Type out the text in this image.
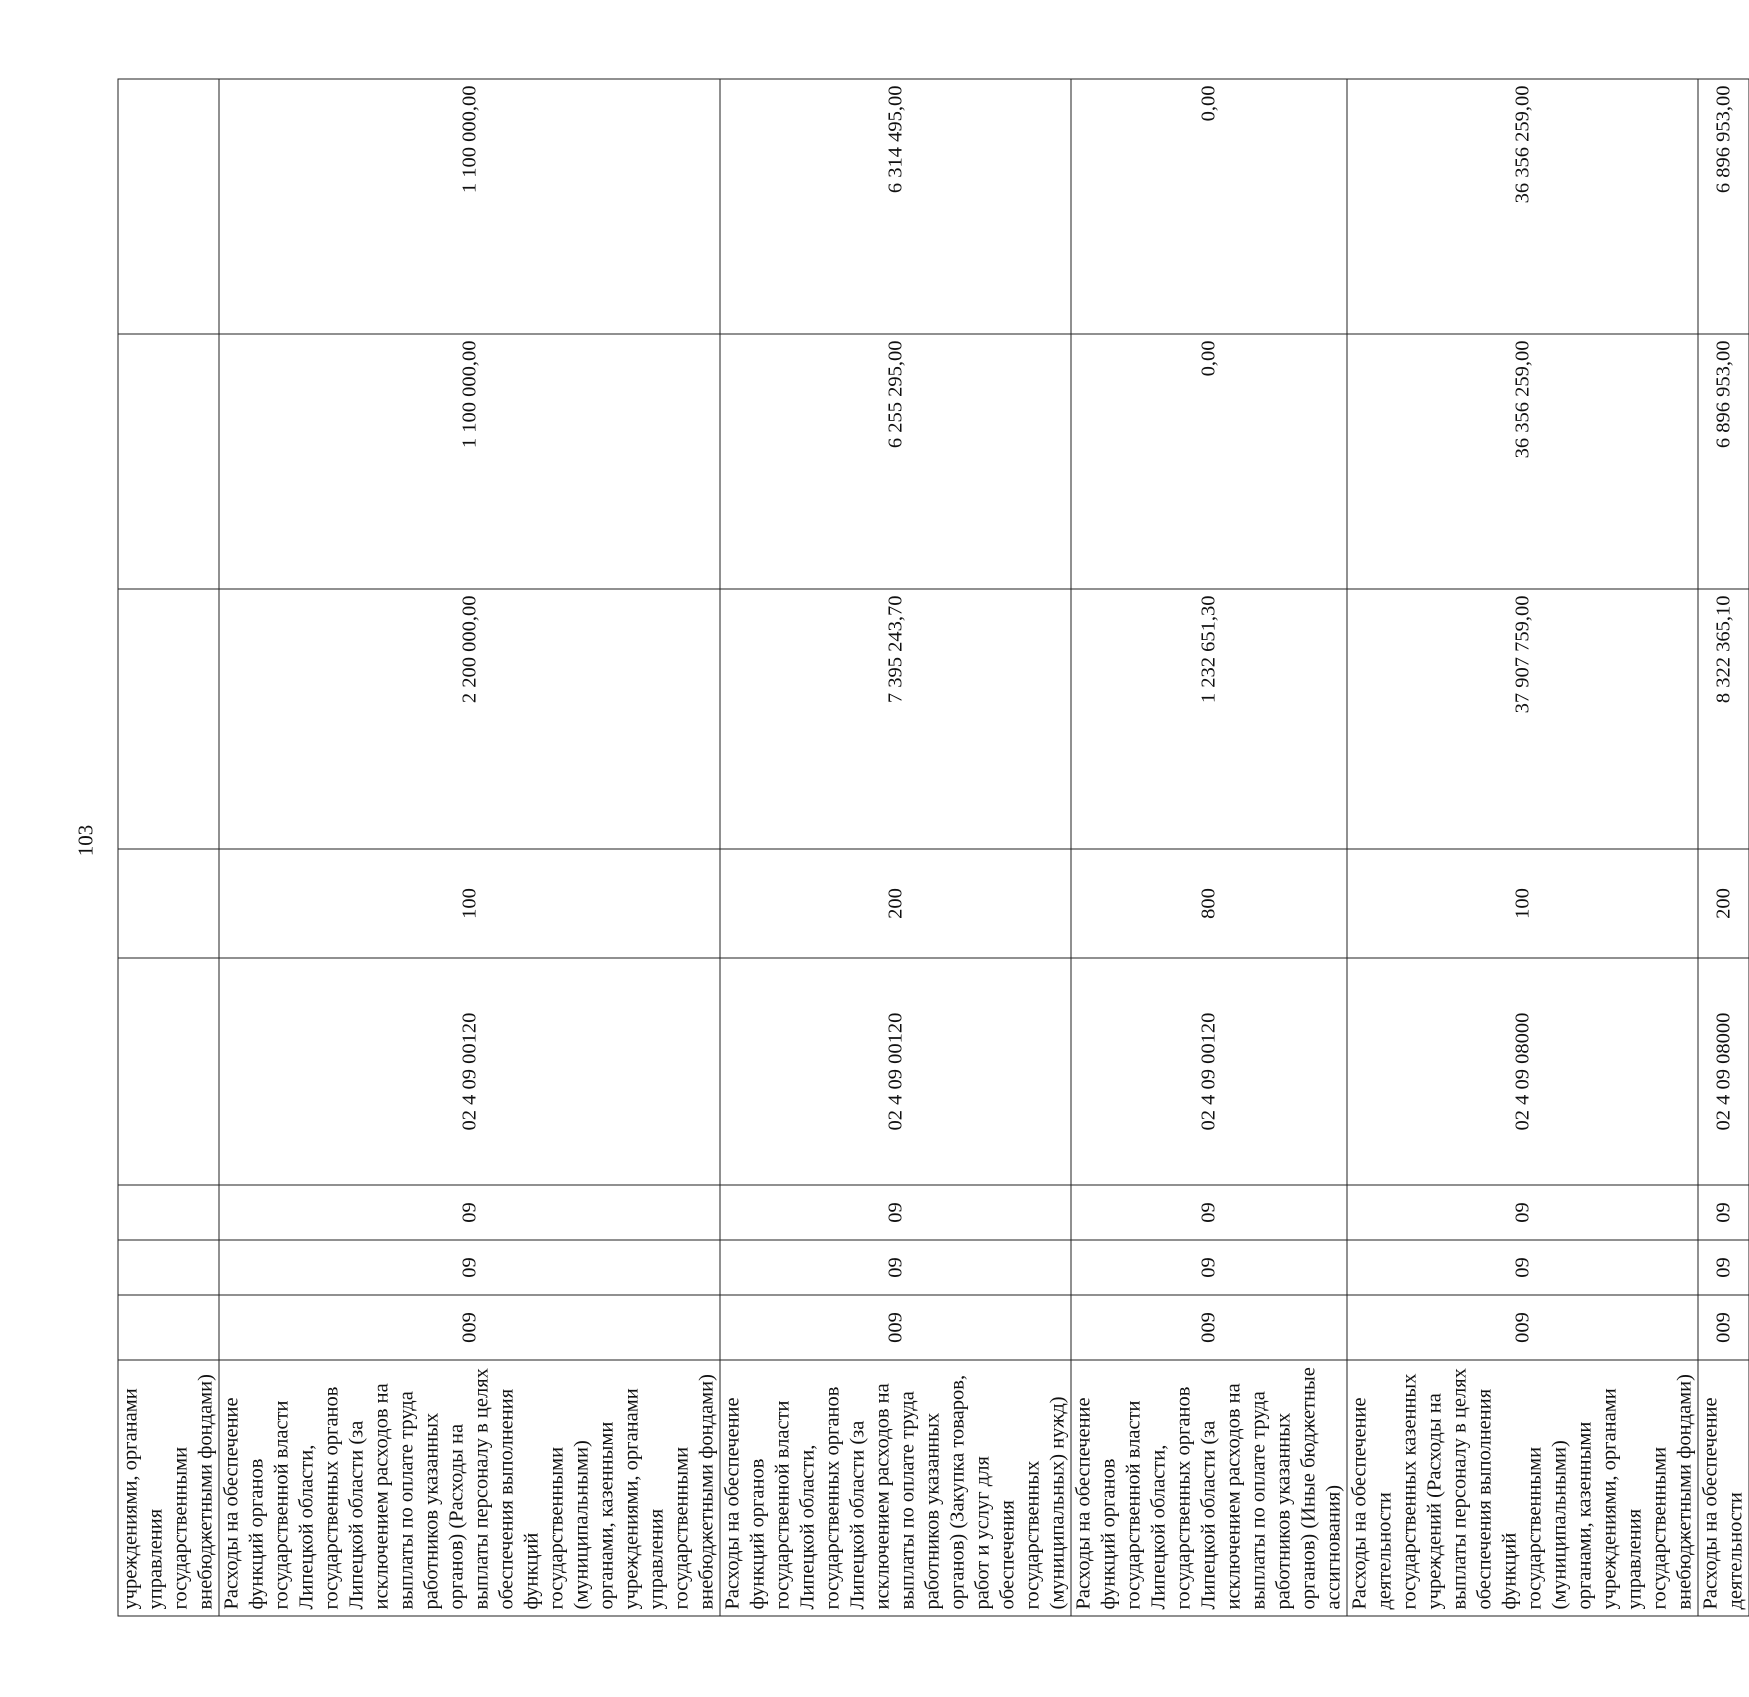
103
учреждениями, органами управления государственными внебюджетными фондами)								
Расходы на обеспечение функций органов государственной власти Липецкой области, государственных органов Липецкой области (за исключением расходов на выплаты по оплате труда работников указанных органов) (Расходы на выплаты персоналу в целях обеспечения выполнения функций государственными (муниципальными) органами, казенными учреждениями, органами управления государственными внебюджетными фондами)	009	09	09	02 4 09 00120	100	2 200 000,00	1 100 000,00	1 100 000,00
Расходы на обеспечение функций органов государственной власти Липецкой области, государственных органов Липецкой области (за исключением расходов на выплаты по оплате труда работников указанных органов) (Закупка товаров, работ и услуг для обеспечения государственных (муниципальных) нужд)	009	09	09	02 4 09 00120	200	7 395 243,70	6 255 295,00	6 314 495,00
Расходы на обеспечение функций органов государственной власти Липецкой области, государственных органов Липецкой области (за исключением расходов на выплаты по оплате труда работников указанных органов) (Иные бюджетные ассигнования)	009	09	09	02 4 09 00120	800	1 232 651,30	0,00	0,00
Расходы на обеспечение деятельности государственных казенных учреждений (Расходы на выплаты персоналу в целях обеспечения выполнения функций государственными (муниципальными) органами, казенными учреждениями, органами управления государственными внебюджетными фондами)	009	09	09	02 4 09 08000	100	37 907 759,00	36 356 259,00	36 356 259,00
Расходы на обеспечение деятельности	009	09	09	02 4 09 08000	200	8 322 365,10	6 896 953,00	6 896 953,00
